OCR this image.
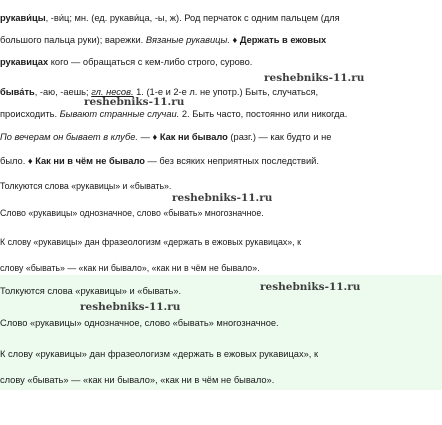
рукави́цы, -ви́ц; мн. (ед. рукави́ца, -ы, ж). Род перчаток с одним пальцем (для
большого пальца руки); варежки. Вязаные рукавицы. ♦ Держать в ежовых
рукавицах кого — обращаться с кем-либо строго, сурово.
reshebniks-11.ru
быва́ть, -аю, -аешь; гл. несов. 1. (1-е и 2-е л. не употр.) Быть, случаться,
reshebniks-11.ru
происходить. Бывают странные случаи. 2. Быть часто, постоянно или никогда.
По вечерам он бывает в клубе. — ♦ Как ни бывало (разг.) — как будто и не
было. ♦ Как ни в чём не бывало — без всяких неприятных последствий.
Толкуются слова «рукавицы» и «бывать».
reshebniks-11.ru
Слово «рукавицы» однозначное, слово «бывать» многозначное.
К слову «рукавицы» дан фразеологизм «держать в ежовых рукавицах», к
слову «бывать» — «как ни бывало», «как ни в чём не бывало».
Толкуются слова «рукавицы» и «бывать».	reshebniks-11.ru
reshebniks-11.ru
Слово «рукавицы» однозначное, слово «бывать» многозначное.
К слову «рукавицы» дан фразеологизм «держать в ежовых рукавицах», к
слову «бывать» — «как ни бывало», «как ни в чём не бывало».
